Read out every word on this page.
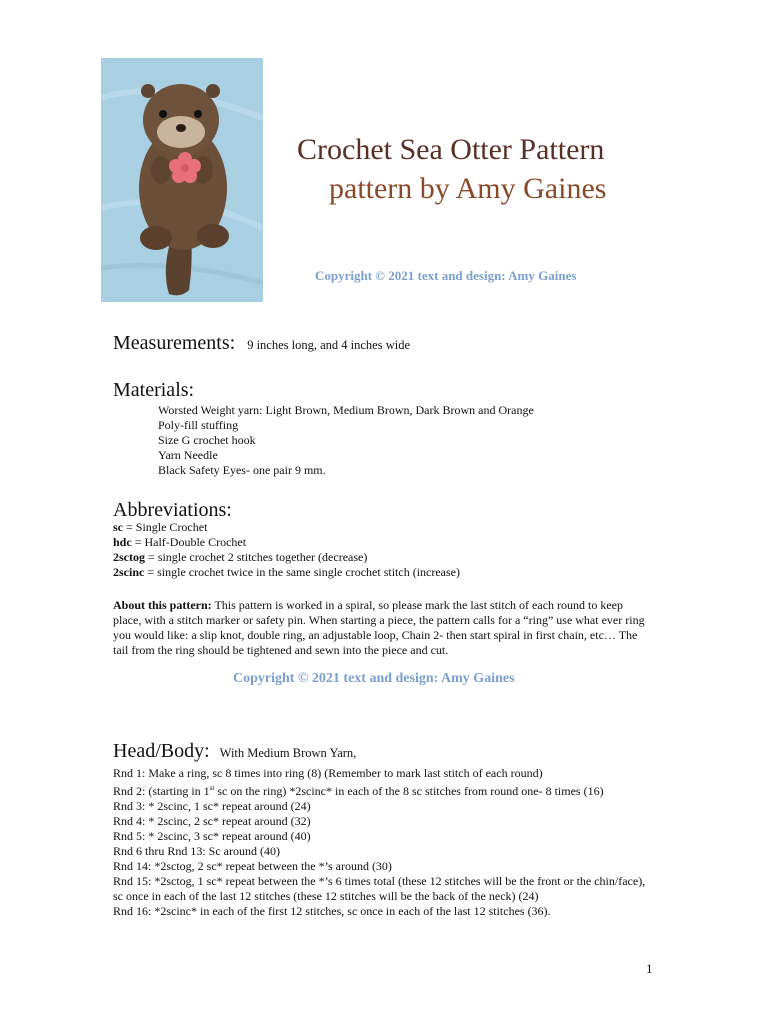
Crochet Sea Otter Pattern
pattern by Amy Gaines
Copyright © 2021 text and design: Amy Gaines
Measurements: 9 inches long, and 4 inches wide
Materials:
Worsted Weight yarn: Light Brown, Medium Brown, Dark Brown and Orange
Poly-fill stuffing
Size G crochet hook
Yarn Needle
Black Safety Eyes- one pair 9 mm.
Abbreviations:
sc = Single Crochet
hdc = Half-Double Crochet
2sctog = single crochet 2 stitches together (decrease)
2scinc = single crochet twice in the same single crochet stitch (increase)
About this pattern: This pattern is worked in a spiral, so please mark the last stitch of each round to keep place, with a stitch marker or safety pin. When starting a piece, the pattern calls for a “ring” use what ever ring you would like: a slip knot, double ring, an adjustable loop, Chain 2- then start spiral in first chain, etc… The tail from the ring should be tightened and sewn into the piece and cut.
Copyright © 2021 text and design: Amy Gaines
Head/Body: With Medium Brown Yarn,
Rnd 1: Make a ring, sc 8 times into ring (8) (Remember to mark last stitch of each round)
Rnd 2: (starting in 1st sc on the ring) *2scinc* in each of the 8 sc stitches from round one- 8 times (16)
Rnd 3: * 2scinc, 1 sc* repeat around (24)
Rnd 4: * 2scinc, 2 sc* repeat around (32)
Rnd 5: * 2scinc, 3 sc* repeat around (40)
Rnd 6 thru Rnd 13: Sc around (40)
Rnd 14: *2sctog, 2 sc* repeat between the *’s around (30)
Rnd 15: *2sctog, 1 sc* repeat between the *’s 6 times total (these 12 stitches will be the front or the chin/face),
sc once in each of the last 12 stitches (these 12 stitches will be the back of the neck) (24)
Rnd 16: *2scinc* in each of the first 12 stitches, sc once in each of the last 12 stitches (36).
1
